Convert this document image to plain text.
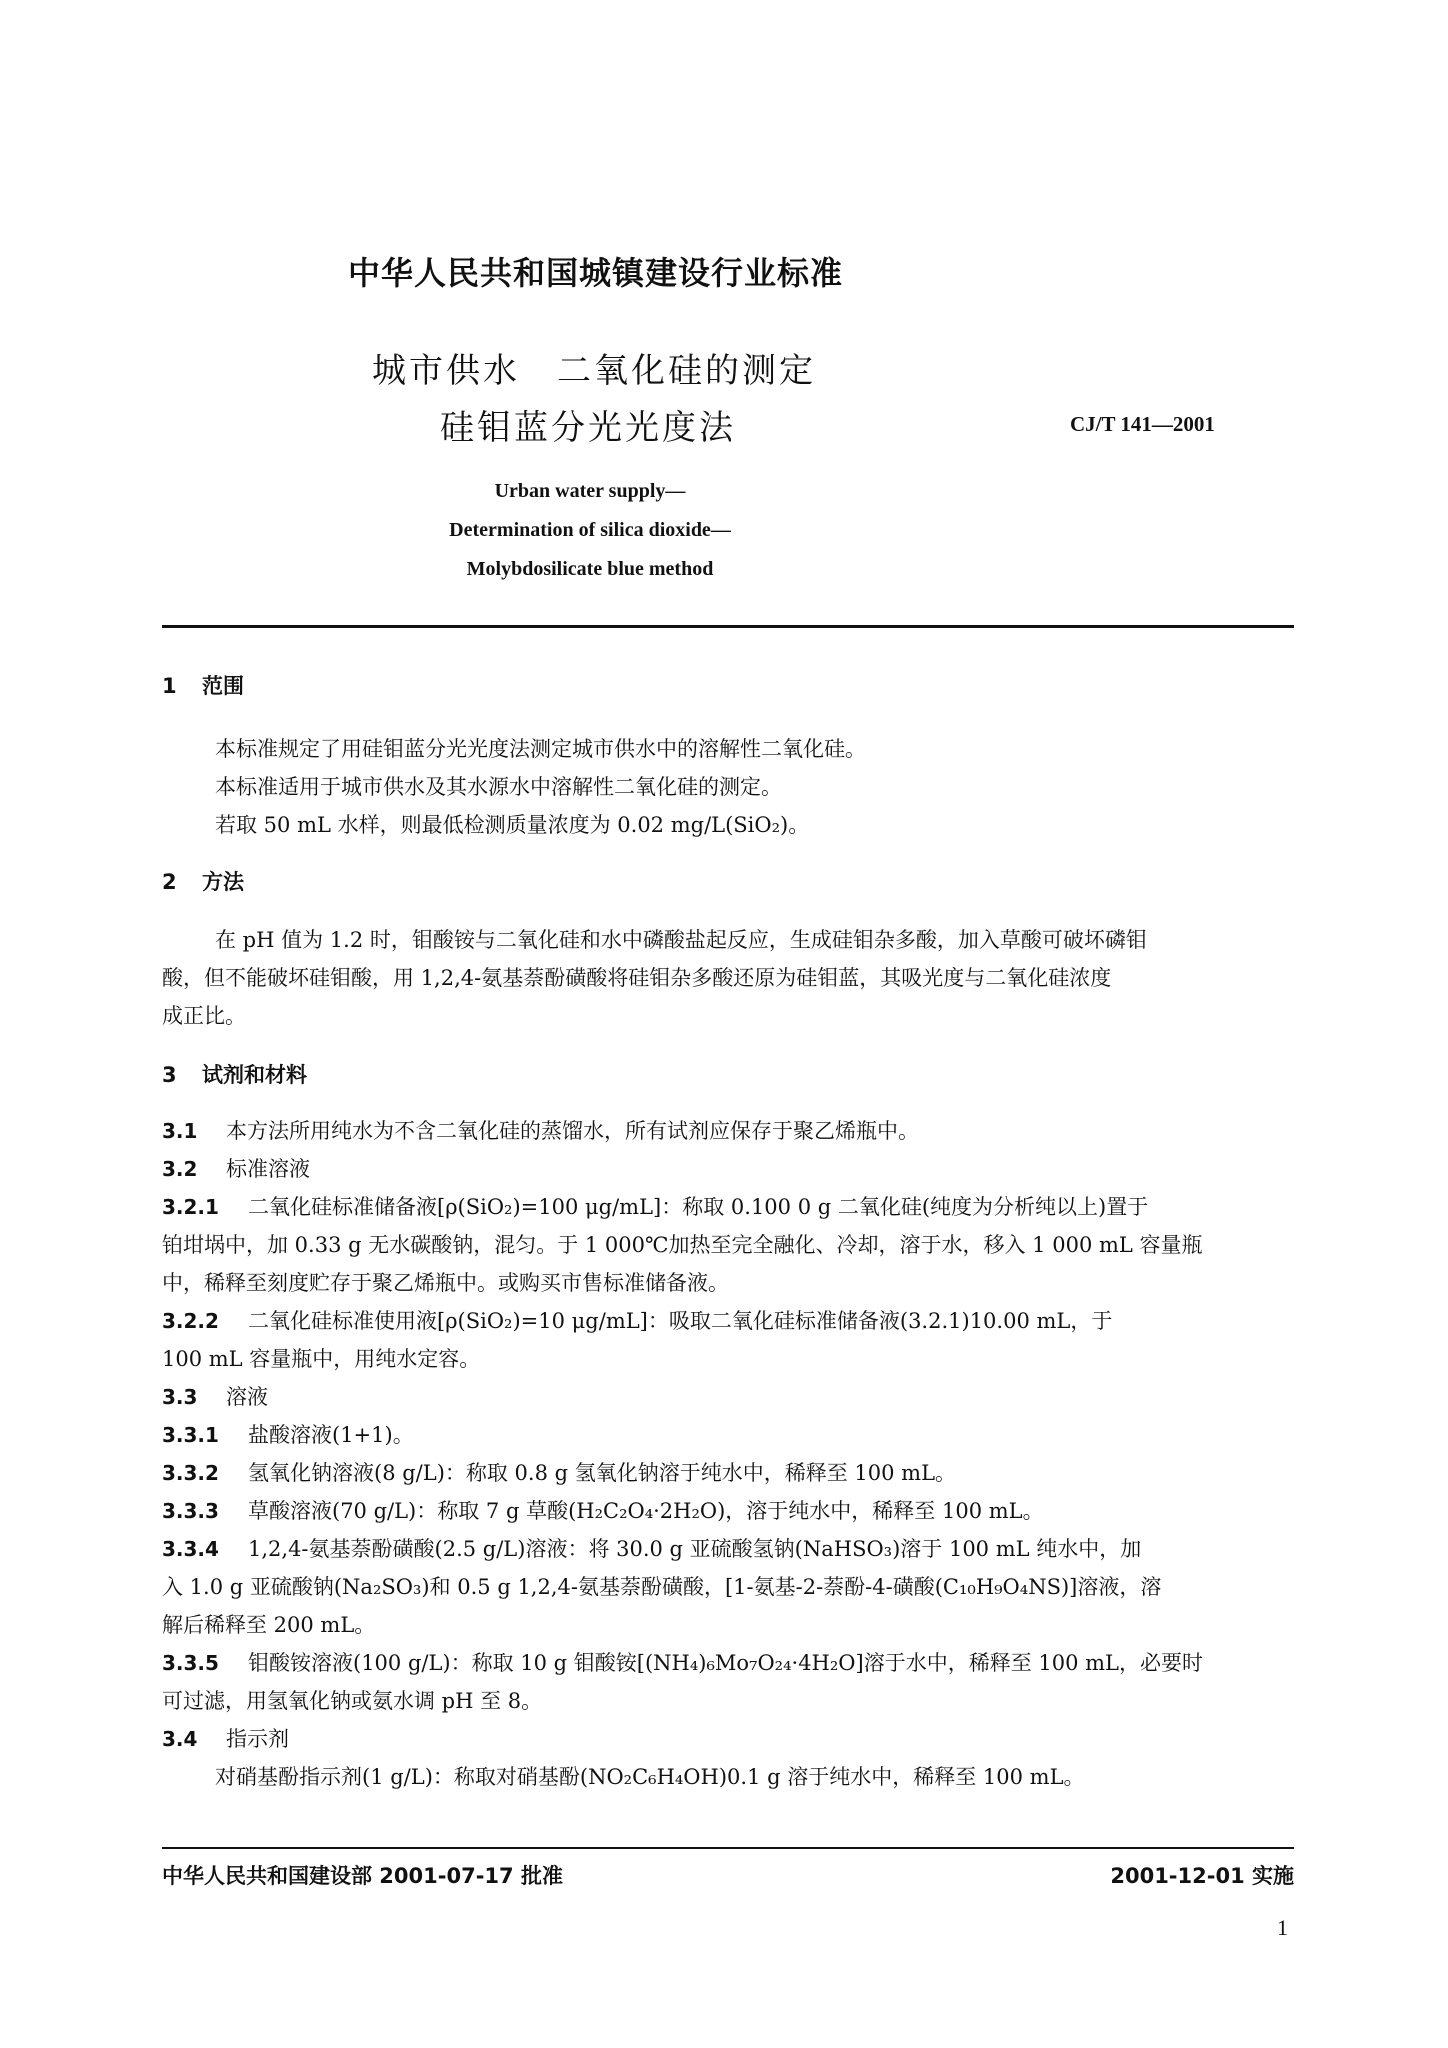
中华人民共和国城镇建设行业标准
城市供水　二氧化硅的测定
硅钼蓝分光光度法	CJ/T 141—2001
Urban water supply—
Determination of silica dioxide—
Molybdosilicate blue method
1 范围
本标准规定了用硅钼蓝分光光度法测定城市供水中的溶解性二氧化硅。
本标准适用于城市供水及其水源水中溶解性二氧化硅的测定。
若取 50 mL 水样，则最低检测质量浓度为 0.02 mg/L(SiO₂)。
2 方法
在 pH 值为 1.2 时，钼酸铵与二氧化硅和水中磷酸盐起反应，生成硅钼杂多酸，加入草酸可破坏磷钼
酸，但不能破坏硅钼酸，用 1,2,4-氨基萘酚磺酸将硅钼杂多酸还原为硅钼蓝，其吸光度与二氧化硅浓度
成正比。
3 试剂和材料
3.1 本方法所用纯水为不含二氧化硅的蒸馏水，所有试剂应保存于聚乙烯瓶中。
3.2 标准溶液
3.2.1 二氧化硅标准储备液[ρ(SiO₂)=100 μg/mL]：称取 0.100 0 g 二氧化硅(纯度为分析纯以上)置于
铂坩埚中，加 0.33 g 无水碳酸钠，混匀。于 1 000℃加热至完全融化、冷却，溶于水，移入 1 000 mL 容量瓶
中，稀释至刻度贮存于聚乙烯瓶中。或购买市售标准储备液。
3.2.2 二氧化硅标准使用液[ρ(SiO₂)=10 μg/mL]：吸取二氧化硅标准储备液(3.2.1)10.00 mL，于
100 mL 容量瓶中，用纯水定容。
3.3 溶液
3.3.1 盐酸溶液(1+1)。
3.3.2 氢氧化钠溶液(8 g/L)：称取 0.8 g 氢氧化钠溶于纯水中，稀释至 100 mL。
3.3.3 草酸溶液(70 g/L)：称取 7 g 草酸(H₂C₂O₄·2H₂O)，溶于纯水中，稀释至 100 mL。
3.3.4 1,2,4-氨基萘酚磺酸(2.5 g/L)溶液：将 30.0 g 亚硫酸氢钠(NaHSO₃)溶于 100 mL 纯水中，加
入 1.0 g 亚硫酸钠(Na₂SO₃)和 0.5 g 1,2,4-氨基萘酚磺酸，[1-氨基-2-萘酚-4-磺酸(C₁₀H₉O₄NS)]溶液，溶
解后稀释至 200 mL。
3.3.5 钼酸铵溶液(100 g/L)：称取 10 g 钼酸铵[(NH₄)₆Mo₇O₂₄·4H₂O]溶于水中，稀释至 100 mL，必要时
可过滤，用氢氧化钠或氨水调 pH 至 8。
3.4 指示剂
对硝基酚指示剂(1 g/L)：称取对硝基酚(NO₂C₆H₄OH)0.1 g 溶于纯水中，稀释至 100 mL。
中华人民共和国建设部 2001-07-17 批准	2001-12-01 实施
1
